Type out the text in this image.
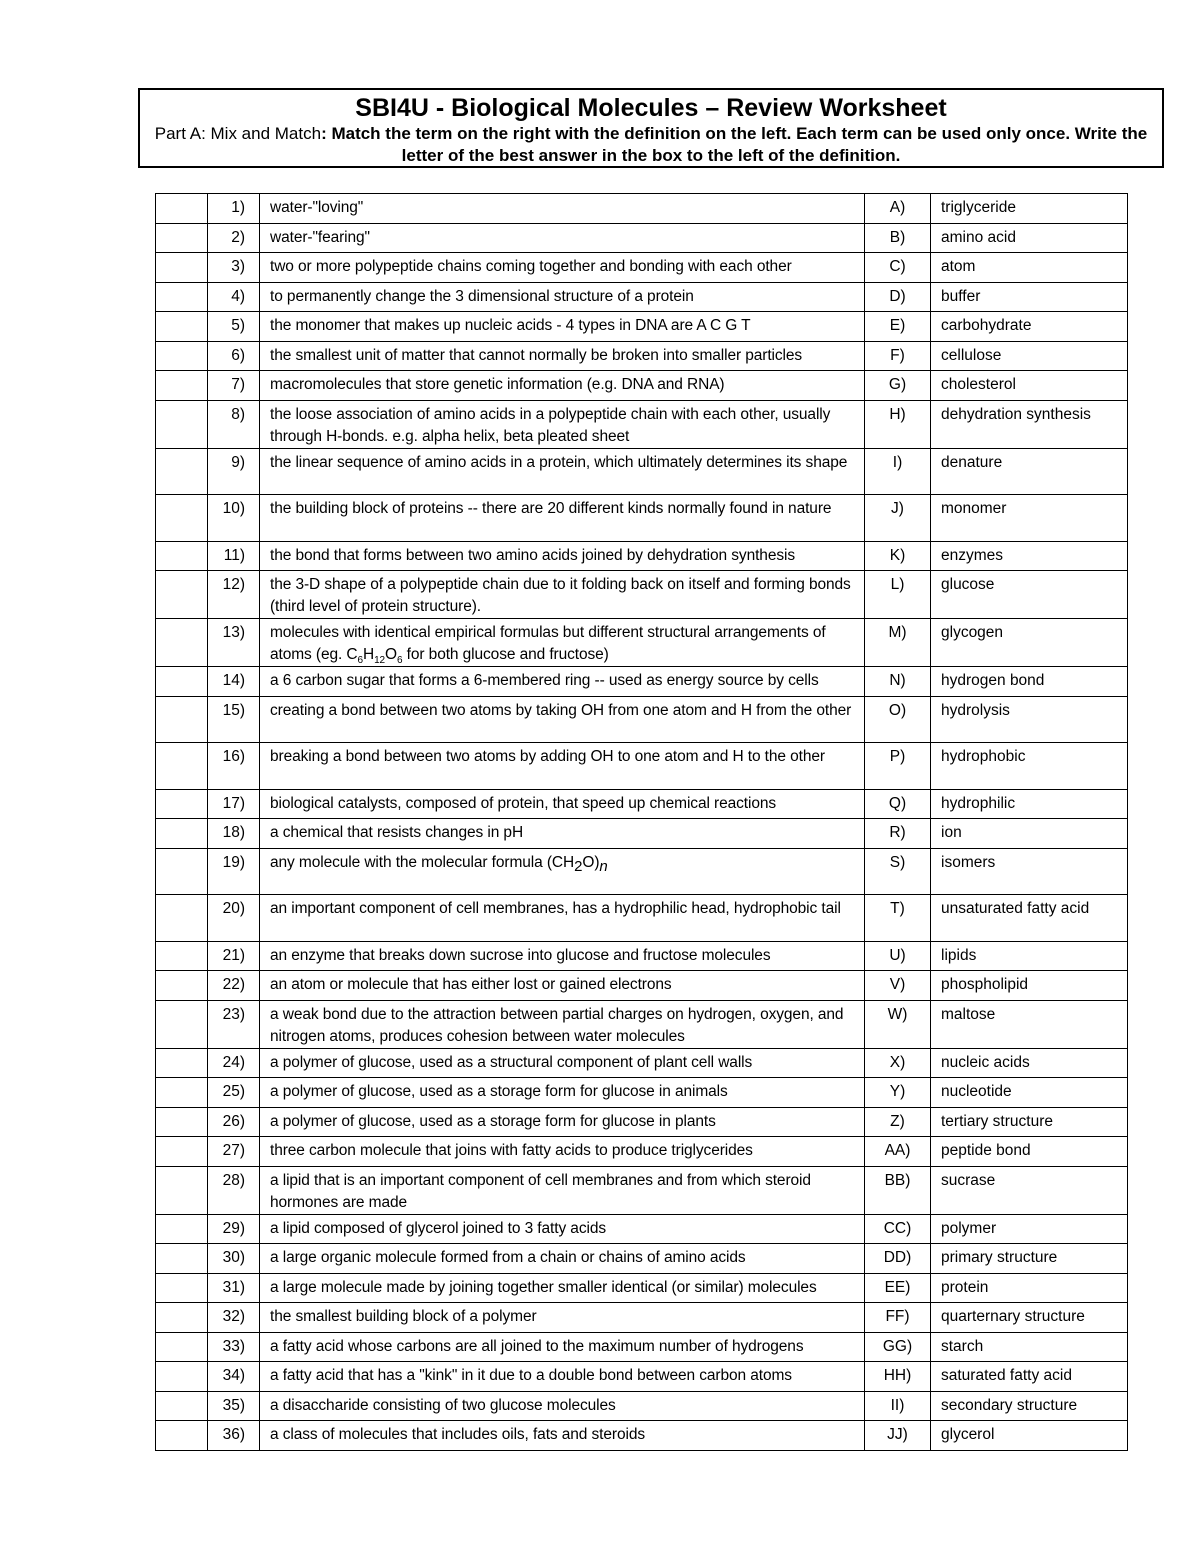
SBI4U - Biological Molecules – Review Worksheet
Part A: Mix and Match: Match the term on the right with the definition on the left. Each term can be used only once. Write the letter of the best answer in the box to the left of the definition.
	1)	water-"loving"	A)	triglyceride
	2)	water-"fearing"	B)	amino acid
	3)	two or more polypeptide chains coming together and bonding with each other	C)	atom
	4)	to permanently change the 3 dimensional structure of a protein	D)	buffer
	5)	the monomer that makes up nucleic acids - 4 types in DNA are A C G T	E)	carbohydrate
	6)	the smallest unit of matter that cannot normally be broken into smaller particles	F)	cellulose
	7)	macromolecules that store genetic information (e.g. DNA and RNA)	G)	cholesterol
	8)	the loose association of amino acids in a polypeptide chain with each other, usually through H-bonds. e.g. alpha helix, beta pleated sheet	H)	dehydration synthesis
	9)	the linear sequence of amino acids in a protein, which ultimately determines its shape	I)	denature
	10)	the building block of proteins -- there are 20 different kinds normally found in nature	J)	monomer
	11)	the bond that forms between two amino acids joined by dehydration synthesis	K)	enzymes
	12)	the 3-D shape of a polypeptide chain due to it folding back on itself and forming bonds (third level of protein structure).	L)	glucose
	13)	molecules with identical empirical formulas but different structural arrangements of atoms (eg. $C_6H_{12}O_6$ for both glucose and fructose)	M)	glycogen
	14)	a 6 carbon sugar that forms a 6-membered ring -- used as energy source by cells	N)	hydrogen bond
	15)	creating a bond between two atoms by taking OH from one atom and H from the other	O)	hydrolysis
	16)	breaking a bond between two atoms by adding OH to one atom and H to the other	P)	hydrophobic
	17)	biological catalysts, composed of protein, that speed up chemical reactions	Q)	hydrophilic
	18)	a chemical that resists changes in pH	R)	ion
	19)	any molecule with the molecular formula $(CH_2O)_n$	S)	isomers
	20)	an important component of cell membranes, has a hydrophilic head, hydrophobic tail	T)	unsaturated fatty acid
	21)	an enzyme that breaks down sucrose into glucose and fructose molecules	U)	lipids
	22)	an atom or molecule that has either lost or gained electrons	V)	phospholipid
	23)	a weak bond due to the attraction between partial charges on hydrogen, oxygen, and nitrogen atoms, produces cohesion between water molecules	W)	maltose
	24)	a polymer of glucose, used as a structural component of plant cell walls	X)	nucleic acids
	25)	a polymer of glucose, used as a storage form for glucose in animals	Y)	nucleotide
	26)	a polymer of glucose, used as a storage form for glucose in plants	Z)	tertiary structure
	27)	three carbon molecule that joins with fatty acids to produce triglycerides	AA)	peptide bond
	28)	a lipid that is an important component of cell membranes and from which steroid hormones are made	BB)	sucrase
	29)	a lipid composed of glycerol joined to 3 fatty acids	CC)	polymer
	30)	a large organic molecule formed from a chain or chains of amino acids	DD)	primary structure
	31)	a large molecule made by joining together smaller identical (or similar) molecules	EE)	protein
	32)	the smallest building block of a polymer	FF)	quarternary structure
	33)	a fatty acid whose carbons are all joined to the maximum number of hydrogens	GG)	starch
	34)	a fatty acid that has a "kink" in it due to a double bond between carbon atoms	HH)	saturated fatty acid
	35)	a disaccharide consisting of two glucose molecules	II)	secondary structure
	36)	a class of molecules that includes oils, fats and steroids	JJ)	glycerol
